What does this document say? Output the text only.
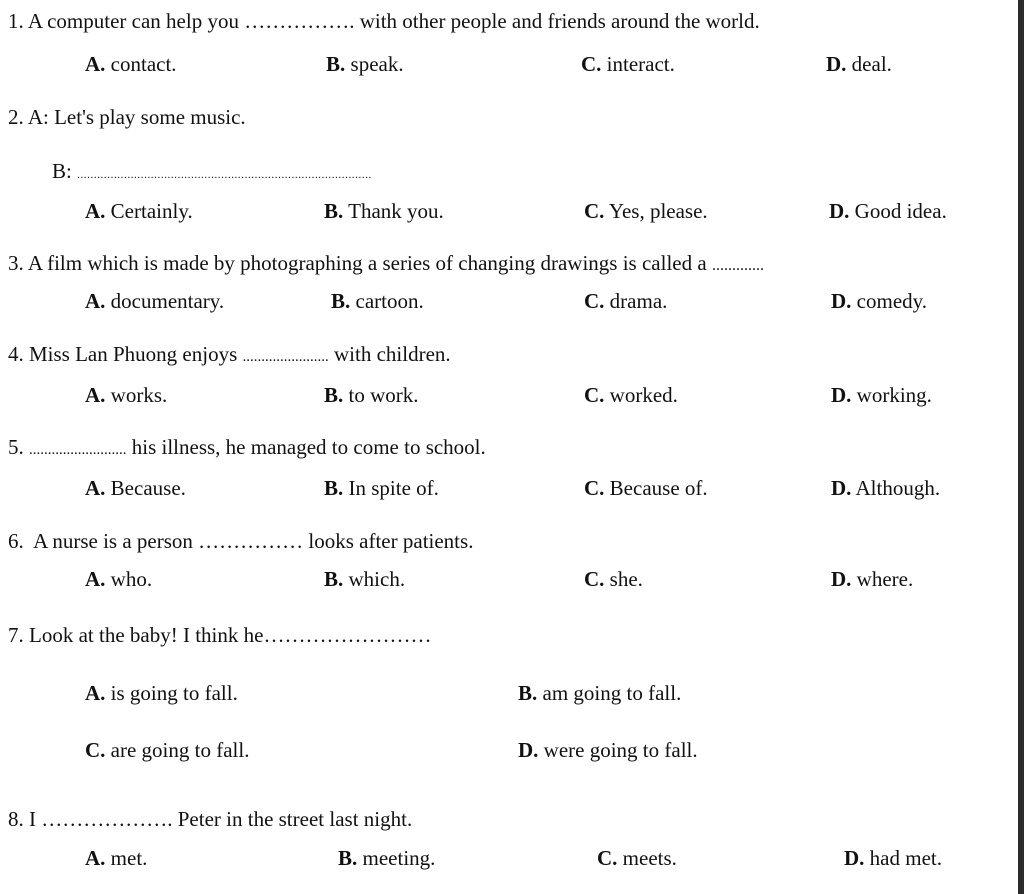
1. A computer can help you ……………. with other people and friends around the world.
A. contact.	B. speak.	C. interact.	D. deal.
2. A: Let's play some music.
B: ........................................................................................
A. Certainly.	B. Thank you.	C. Yes, please.	D. Good idea.
3. A film which is made by photographing a series of changing drawings is called a .............
A. documentary.	B. cartoon.	C. drama.	D. comedy.
4. Miss Lan Phuong enjoys ....................... with children.
A. works.	B. to work.	C. worked.	D. working.
5. .......................... his illness, he managed to come to school.
A. Because.	B. In spite of.	C. Because of.	D. Although.
6.  A nurse is a person …………… looks after patients.
A. who.	B. which.	C. she.	D. where.
7. Look at the baby! I think he……………………
A. is going to fall.	B. am going to fall.
C. are going to fall.	D. were going to fall.
8. I ………………. Peter in the street last night.
A. met.	B. meeting.	C. meets.	D. had met.
